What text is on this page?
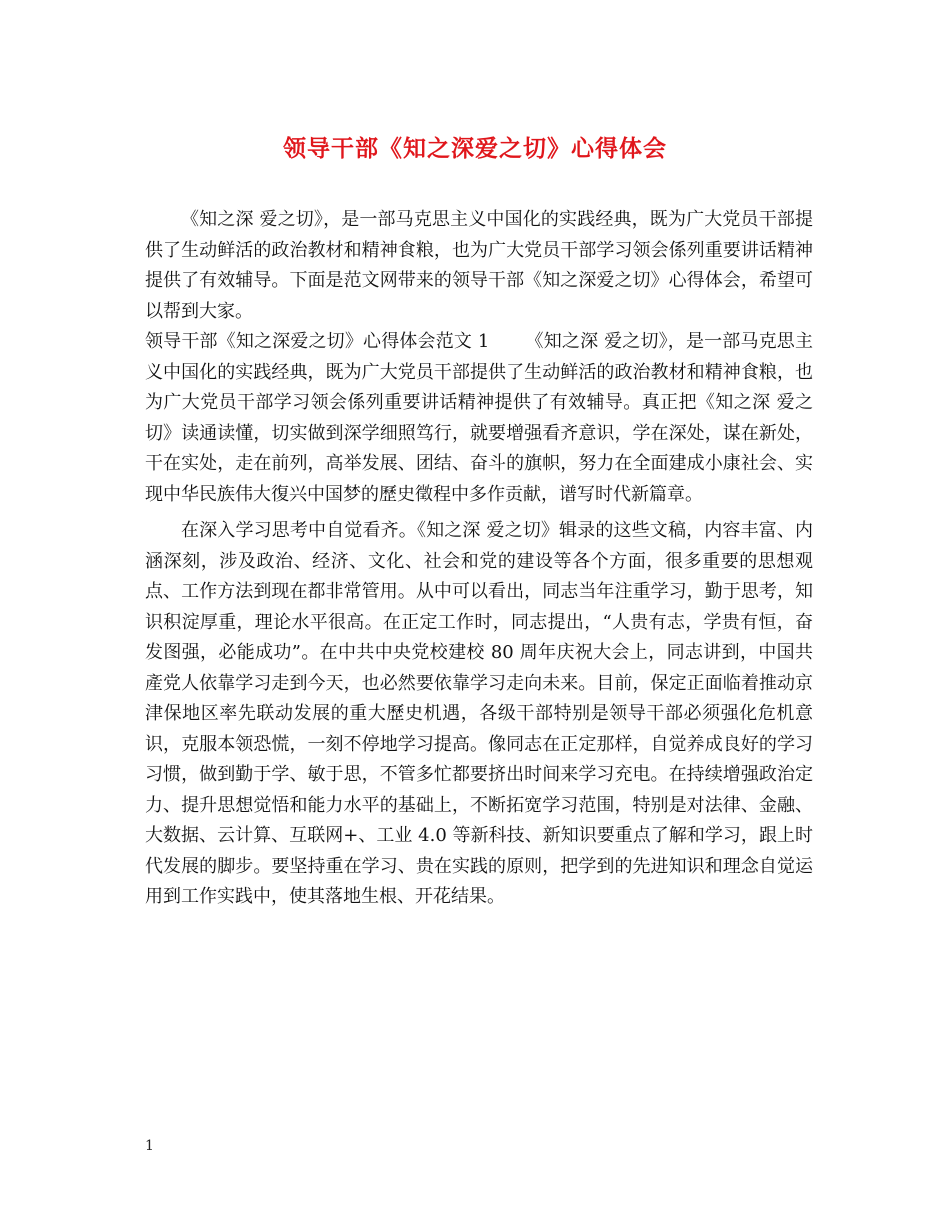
领导干部《知之深爱之切》心得体会

《知之深 爱之切》，是一部马克思主义中国化的实践经典，既为广大党员干部提供了生动鲜活的政治教材和精神食粮，也为广大党员干部学习领会係列重要讲话精神提供了有效辅导。下面是范文网带来的领导干部《知之深爱之切》心得体会，希望可以帮到大家。

领导干部《知之深爱之切》心得体会范文 1 《知之深 爱之切》，是一部马克思主义中国化的实践经典，既为广大党员干部提供了生动鲜活的政治教材和精神食粮，也为广大党员干部学习领会係列重要讲话精神提供了有效辅导。真正把《知之深 爱之切》读通读懂，切实做到深学细照笃行，就要增强看齐意识，学在深处，谋在新处，干在实处，走在前列，高举发展、团结、奋斗的旗帜，努力在全面建成小康社会、实现中华民族伟大復兴中国梦的歷史徵程中多作贡献，谱写时代新篇章。

在深入学习思考中自觉看齐。《知之深 爱之切》辑录的这些文稿，内容丰富、内涵深刻，涉及政治、经济、文化、社会和党的建设等各个方面，很多重要的思想观点、工作方法到现在都非常管用。从中可以看出，同志当年注重学习，勤于思考，知识积淀厚重，理论水平很高。在正定工作时，同志提出，“人贵有志，学贵有恒，奋发图强，必能成功”。在中共中央党校建校 80 周年庆祝大会上，同志讲到，中国共產党人依靠学习走到今天，也必然要依靠学习走向未来。目前，保定正面临着推动京津保地区率先联动发展的重大歷史机遇，各级干部特别是领导干部必须强化危机意识，克服本领恐慌，一刻不停地学习提高。像同志在正定那样，自觉养成良好的学习习惯，做到勤于学、敏于思，不管多忙都要挤出时间来学习充电。在持续增强政治定力、提升思想觉悟和能力水平的基础上，不断拓宽学习范围，特别是对法律、金融、大数据、云计算、互联网+、工业 4.0 等新科技、新知识要重点了解和学习，跟上时代发展的脚步。要坚持重在学习、贵在实践的原则，把学到的先进知识和理念自觉运用到工作实践中，使其落地生根、开花结果。

1
